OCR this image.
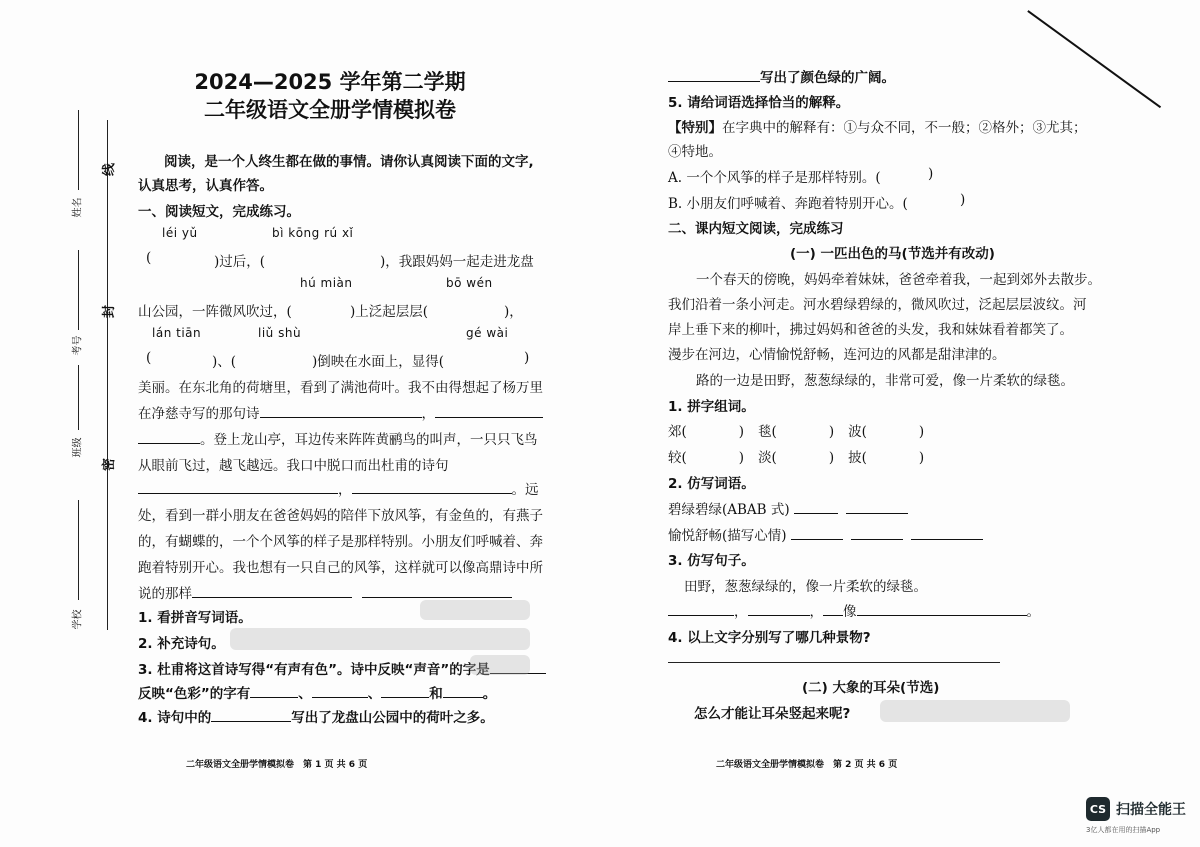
线
封
密
姓名
考号
班级
学校
2024—2025 学年第二学期
二年级语文全册学情模拟卷
阅读，是一个人终生都在做的事情。请你认真阅读下面的文字,
认真思考，认真作答。
一、阅读短文，完成练习。
léi yǔ	bì kōng rú xǐ
(	)过后，(	)，我跟妈妈一起走进龙盘
hú miàn	bō wén
山公园，一阵微风吹过，(	)上泛起层层(	)，
lán tiān	liǔ shù	gé wài
(	)、(	)倒映在水面上，显得(	)
美丽。在东北角的荷塘里，看到了满池荷叶。我不由得想起了杨万里
在净慈寺写的那句诗	，
。登上龙山亭，耳边传来阵阵黄鹂鸟的叫声，一只只飞鸟
从眼前飞过，越飞越远。我口中脱口而出杜甫的诗句
，	。远
处，看到一群小朋友在爸爸妈妈的陪伴下放风筝，有金鱼的，有燕子
的，有蝴蝶的，一个个风筝的样子是那样特别。小朋友们呼喊着、奔
跑着特别开心。我也想有一只自己的风筝，这样就可以像高鼎诗中所
说的那样
1. 看拼音写词语。
2. 补充诗句。
3. 杜甫将这首诗写得“有声有色”。诗中反映“声音”的字是
反映“色彩”的字有	、	、	和	。
4. 诗句中的	写出了龙盘山公园中的荷叶之多。
二年级语文全册学情模拟卷　第 1 页 共 6 页
写出了颜色绿的广阔。
5. 请给词语选择恰当的解释。
【特别】在字典中的解释有：①与众不同，不一般；②格外；③尤其；
④特地。
A. 一个个风筝的样子是那样特别。(	)
B. 小朋友们呼喊着、奔跑着特别开心。(	)
二、课内短文阅读，完成练习
(一) 一匹出色的马(节选并有改动)
一个春天的傍晚，妈妈牵着妹妹，爸爸牵着我，一起到郊外去散步。
我们沿着一条小河走。河水碧绿碧绿的，微风吹过，泛起层层波纹。河
岸上垂下来的柳叶，拂过妈妈和爸爸的头发，我和妹妹看着都笑了。
漫步在河边，心情愉悦舒畅，连河边的风都是甜津津的。
路的一边是田野，葱葱绿绿的，非常可爱，像一片柔软的绿毯。
1. 拼字组词。
郊(	) 毯(	) 波(	)
较(	) 淡(	) 披(	)
2. 仿写词语。
碧绿碧绿(ABAB 式)
愉悦舒畅(描写心情)
3. 仿写句子。
田野，葱葱绿绿的，像一片柔软的绿毯。
，	， 像	。
4. 以上文字分别写了哪几种景物?
(二) 大象的耳朵(节选)
怎么才能让耳朵竖起来呢?
二年级语文全册学情模拟卷　第 2 页 共 6 页
CS 扫描全能王
3亿人都在用的扫描App
